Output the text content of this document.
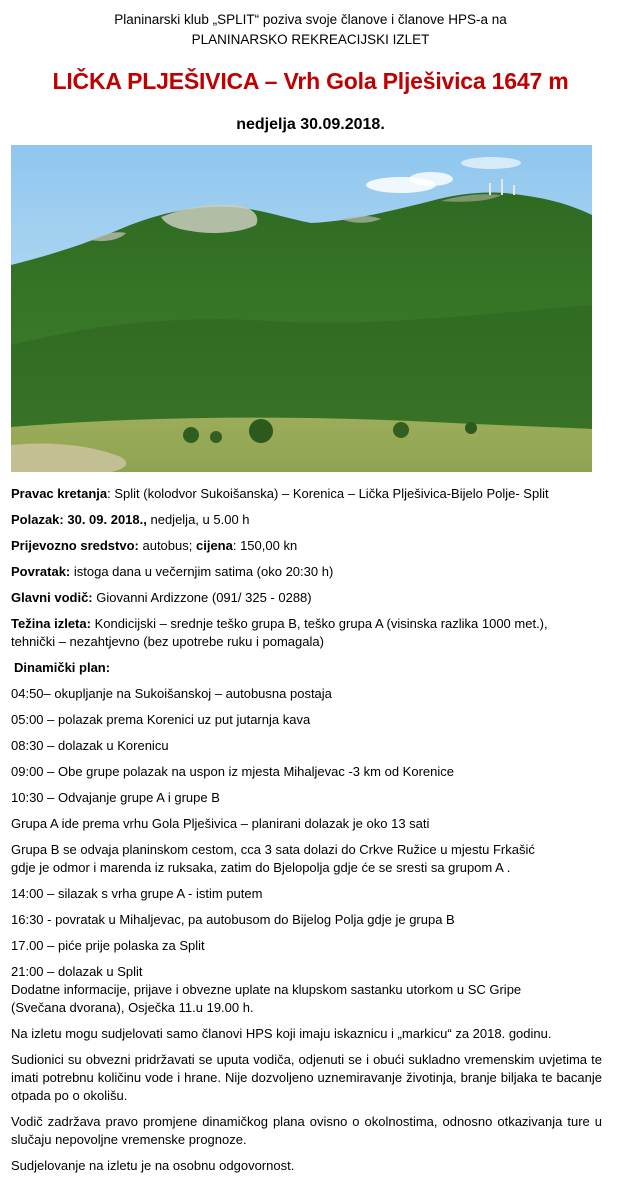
Planinarski klub „SPLIT“ poziva svoje članove i članove HPS-a na
PLANINARSKO REKREACIJSKI IZLET
LIČKA PLJEŠIVICA – Vrh Gola Plješivica 1647 m
nedjelja 30.09.2018.
Pravac kretanja: Split (kolodvor Sukoišanska) – Korenica – Lička Plješivica-Bijelo Polje- Split
Polazak: 30. 09. 2018., nedjelja, u 5.00 h
Prijevozno sredstvo: autobus; cijena: 150,00 kn
Povratak: istoga dana u večernjim satima (oko 20:30 h)
Glavni vodič: Giovanni Ardizzone (091/ 325 - 0288)
Težina izleta: Kondicijski – srednje teško grupa B, teško grupa A (visinska razlika 1000 met.),
tehnički – nezahtjevno (bez upotrebe ruku i pomagala)
Dinamički plan:
04:50– okupljanje na Sukoišanskoj – autobusna postaja
05:00 – polazak prema Korenici uz put jutarnja kava
08:30 – dolazak u Korenicu
09:00 – Obe grupe polazak na uspon iz mjesta Mihaljevac -3 km od Korenice
10:30 – Odvajanje grupe A i grupe B
Grupa A ide prema vrhu Gola Plješivica – planirani dolazak je oko 13 sati
Grupa B se odvaja planinskom cestom, cca 3 sata dolazi do Crkve Ružice u mjestu Frkašić
gdje je odmor i marenda iz ruksaka, zatim do Bjelopolja gdje će se sresti sa grupom A .
14:00 – silazak s vrha grupe A - istim putem
16:30 - povratak u Mihaljevac, pa autobusom do Bijelog Polja gdje je grupa B
17.00 – piće prije polaska za Split
21:00 – dolazak u Split
Dodatne informacije, prijave i obvezne uplate na klupskom sastanku utorkom u SC Gripe
(Svečana dvorana), Osječka 11.u 19.00 h.
Na izletu mogu sudjelovati samo članovi HPS koji imaju iskaznicu i „markicu“ za 2018. godinu.
Sudionici su obvezni pridržavati se uputa vodiča, odjenuti se i obući sukladno vremenskim uvjetima te imati potrebnu količinu vode i hrane. Nije dozvoljeno uznemiravanje životinja, branje biljaka te bacanje otpada po o okolišu.
Vodič zadržava pravo promjene dinamičkog plana ovisno o okolnostima, odnosno otkazivanja ture u slučaju nepovoljne vremenske prognoze.
Sudjelovanje na izletu je na osobnu odgovornost.
